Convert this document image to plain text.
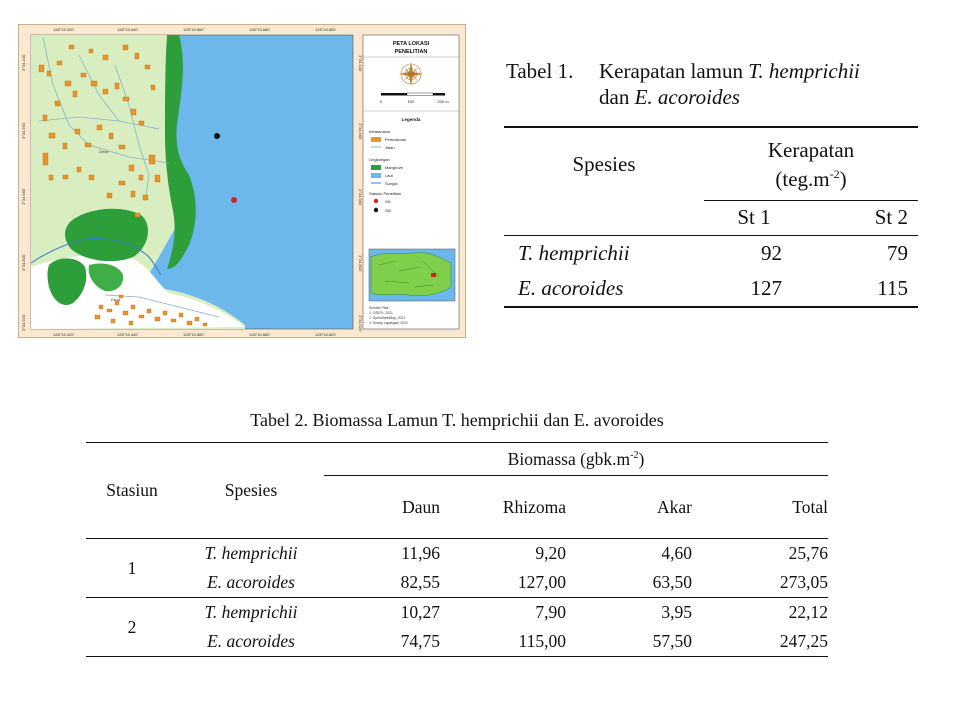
128°15.320'	128°15.440'	128°15.560'	128°15.680'	128°15.800'
128°15.320'	128°15.440'	128°15.560'	128°15.680'	128°15.800'
3°34.440'
3°34.560'
3°34.680'
3°34.800'
3°34.920'
3°34.440'
3°34.560'
3°34.680'
3°34.800'
3°34.920'
Desa
Desa
PETA LOKASI
PENELITIAN
0	100	200 m
Legenda
Infrastruktur
Pemukiman
Jalan
Lingkungan
Mangrove
Laut
Sungai
Stasiun Penelitian
St1
St2
Sumber Peta :
1. OSEPL, 2021
2. OpenStreetMap, 2021
3. Survey Lapangan, 2022
Tabel 1. Kerapatan lamun T. hemprichii
dan E. acoroides
Spesies	Kerapatan
$(teg.m^{-2})$	

	St 1	St 2
T. hemprichii	92	79
E. acoroides	127	115
Tabel 2. Biomassa Lamun T. hemprichii dan E. avoroides
Stasiun	Spesies	Biomassa $(gbk.m^{-2})$			
		Daun	Rhizoma	Akar	Total
1	T. hemprichii	11,96	9,20	4,60	25,76
	E. acoroides	82,55	127,00	63,50	273,05
2	T. hemprichii	10,27	7,90	3,95	22,12
	E. acoroides	74,75	115,00	57,50	247,25
